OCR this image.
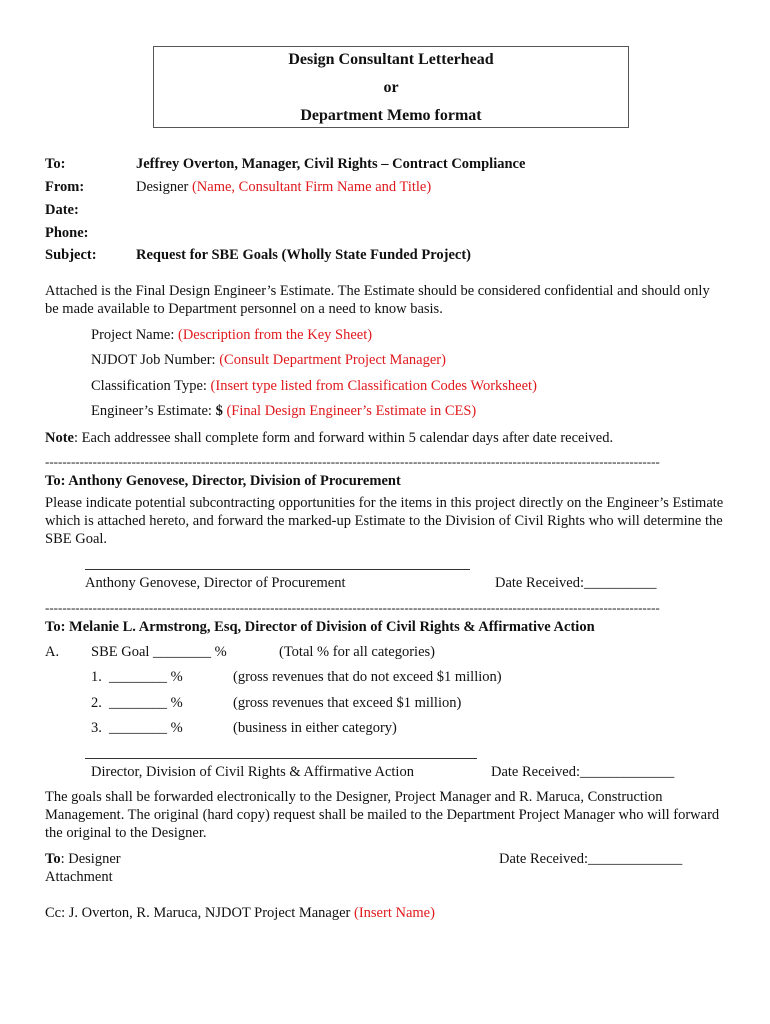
Design Consultant Letterhead
or
Department Memo format
To:	Jeffrey Overton, Manager, Civil Rights – Contract Compliance
From:	Designer (Name, Consultant Firm Name and Title)
Date:
Phone:
Subject:	Request for SBE Goals (Wholly State Funded Project)
Attached is the Final Design Engineer’s Estimate. The Estimate should be considered confidential and should only be made available to Department personnel on a need to know basis.
Project Name: (Description from the Key Sheet)
NJDOT Job Number: (Consult Department Project Manager)
Classification Type: (Insert type listed from Classification Codes Worksheet)
Engineer’s Estimate: $ (Final Design Engineer’s Estimate in CES)
Note: Each addressee shall complete form and forward within 5 calendar days after date received.
----------------------------------------------------------------------------------------------------------------------------------------------
To: Anthony Genovese, Director, Division of Procurement
Please indicate potential subcontracting opportunities for the items in this project directly on the Engineer’s Estimate which is attached hereto, and forward the marked-up Estimate to the Division of Civil Rights who will determine the SBE Goal.
Anthony Genovese, Director of Procurement	Date Received:__________
----------------------------------------------------------------------------------------------------------------------------------------------
To: Melanie L. Armstrong, Esq, Director of Division of Civil Rights & Affirmative Action
A. SBE Goal ________ %	(Total % for all categories)
1. ________ %	(gross revenues that do not exceed $1 million)
2. ________ %	(gross revenues that exceed $1 million)
3. ________ %	(business in either category)
Director, Division of Civil Rights & Affirmative Action	Date Received:_____________
The goals shall be forwarded electronically to the Designer, Project Manager and R. Maruca, Construction Management. The original (hard copy) request shall be mailed to the Department Project Manager who will forward the original to the Designer.
To: Designer	Date Received:_____________
Attachment
Cc: J. Overton, R. Maruca, NJDOT Project Manager (Insert Name)
